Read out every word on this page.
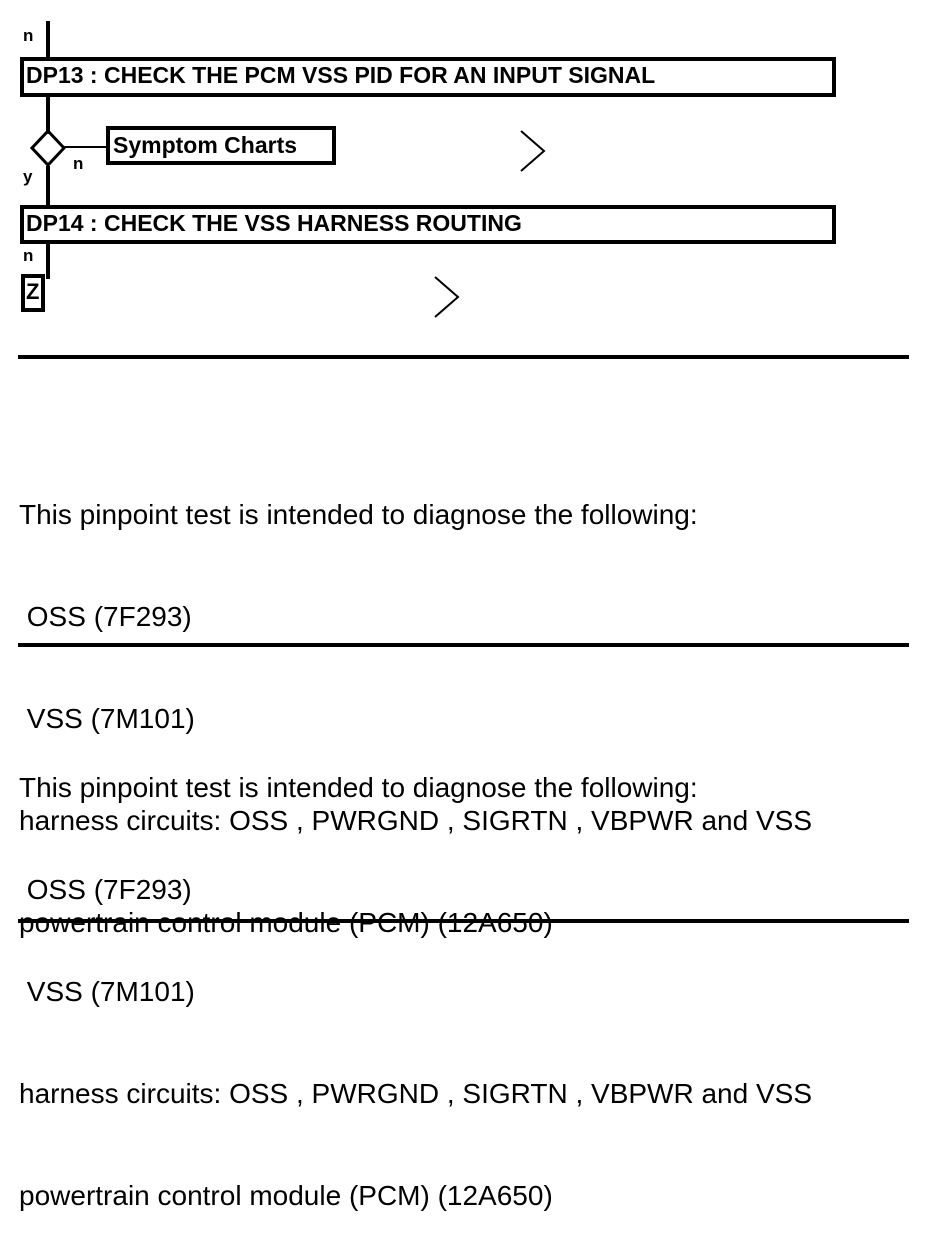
n
DP13 : CHECK THE PCM VSS PID FOR AN INPUT SIGNAL
n
y
Symptom Charts
DP14 : CHECK THE VSS HARNESS ROUTING
n
Z

This pinpoint test is intended to diagnose the following:

OSS (7F293)

VSS (7M101)

harness circuits: OSS , PWRGND , SIGRTN , VBPWR and VSS

This pinpoint test is intended to diagnose the following:

OSS (7F293)

VSS (7M101)

harness circuits: OSS , PWRGND , SIGRTN , VBPWR and VSS

powertrain control module (PCM) (12A650)
